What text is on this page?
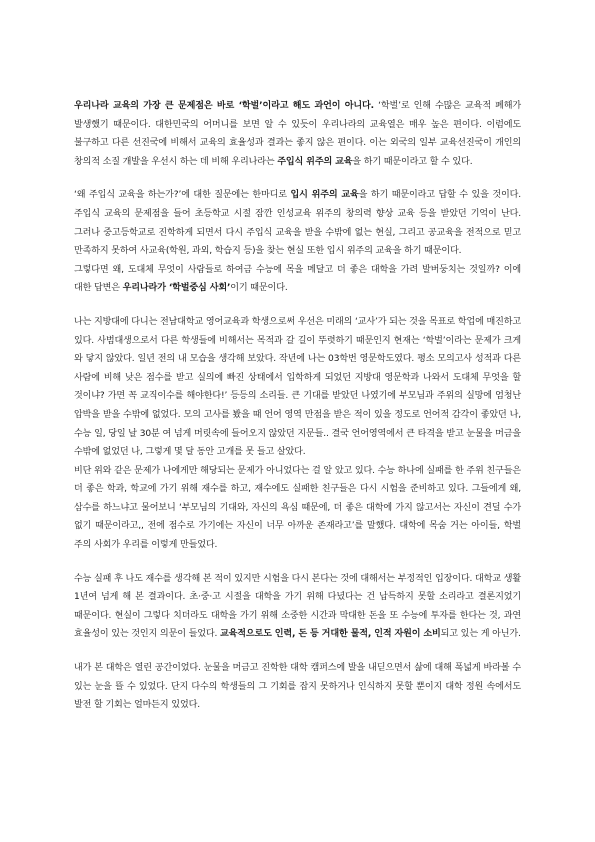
우리나라 교육의 가장 큰 문제점은 바로 ‘학벌’이라고 해도 과언이 아니다. ‘학벌’로 인해 수많은 교육적 폐해가 발생했기 때문이다. 대한민국의 어머니를 보면 알 수 있듯이 우리나라의 교육열은 매우 높은 편이다. 이럼에도 불구하고 다른 선진국에 비해서 교육의 효율성과 결과는 좋지 않은 편이다. 이는 외국의 일부 교육선진국이 개인의 창의적 소질 개발을 우선시 하는 데 비해 우리나라는 주입식 위주의 교육을 하기 때문이라고 할 수 있다.

‘왜 주입식 교육을 하는가?’에 대한 질문에는 한마디로 입시 위주의 교육을 하기 때문이라고 답할 수 있을 것이다. 주입식 교육의 문제점을 들어 초등학교 시절 잠깐 인성교육 위주의 창의력 향상 교육 등을 받았던 기억이 난다. 그러나 중고등학교로 진학하게 되면서 다시 주입식 교육을 받을 수밖에 없는 현실, 그리고 공교육을 전적으로 믿고 만족하지 못하여 사교육(학원, 과외, 학습지 등)을 찾는 현실 또한 입시 위주의 교육을 하기 때문이다.

그렇다면 왜, 도대체 무엇이 사람들로 하여금 수능에 목을 메달고 더 좋은 대학을 가려 발버둥치는 것일까? 이에 대한 답변은 우리나라가 ‘학벌중심 사회’이기 때문이다.

나는 지방대에 다니는 전남대학교 영어교육과 학생으로써 우선은 미래의 ‘교사’가 되는 것을 목표로 학업에 매진하고 있다. 사범대생으로서 다른 학생들에 비해서는 목적과 갈 길이 뚜렷하기 때문인지 현재는 ‘학벌’이라는 문제가 크게 와 닿지 않았다. 일년 전의 내 모습을 생각해 보았다. 작년에 나는 03학번 영문학도였다. 평소 모의고사 성적과 다른 사람에 비해 낮은 점수를 받고 실의에 빠진 상태에서 입학하게 되었던 지방대 영문학과 나와서 도대체 무엇을 할 것이냐? 가면 꼭 교직이수를 해야한다!’ 등등의 소리들. 큰 기대를 받았던 나였기에 부모님과 주위의 실망에 엄청난 압박을 받을 수밖에 없었다. 모의 고사를 봤을 때 언어 영역 만점을 받은 적이 있을 정도로 언어적 감각이 좋았던 나, 수능 일, 당일 날 30분 여 넘게 머릿속에 들어오지 않았던 지문들.. 결국 언어영역에서 큰 타격을 받고 눈물을 머금을 수밖에 없었던 나, 그렇게 몇 달 동안 고개를 못 들고 살았다.

비단 위와 같은 문제가 나에게만 해당되는 문제가 아니었다는 걸 알 았고 있다. 수능 하나에 실패를 한 주위 친구들은 더 좋은 학과, 학교에 가기 위해 재수를 하고, 재수에도 실패한 친구들은 다시 시험을 준비하고 있다. 그들에게 왜, 삼수를 하느냐고 물어보니 ‘부모님의 기대와, 자신의 욕심 때문에, 더 좋은 대학에 가지 않고서는 자신이 견딜 수가 없기 때문이라고,, 전에 점수로 가기에는 자신이 너무 아까운 존재라고’를 말했다. 대학에 목숨 거는 아이들, 학벌 주의 사회가 우리를 이렇게 만들었다.

수능 실패 후 나도 재수를 생각해 본 적이 있지만 시험을 다시 본다는 것에 대해서는 부정적인 입장이다. 대학교 생활 1년여 넘게 해 본 결과이다. 초·중·고 시절을 대학을 가기 위해 다녔다는 건 납득하지 못할 소리라고 결론지었기 때문이다. 현실이 그렇다 치더라도 대학을 가기 위해 소중한 시간과 막대한 돈을 또 수능에 투자를 한다는 것, 과연 효율성이 있는 것인지 의문이 들었다. 교육적으로도 인력, 돈 등 거대한 물적, 인적 자원이 소비되고 있는 게 아닌가.

내가 본 대학은 열린 공간이었다. 눈물을 머금고 진학한 대학 캠퍼스에 발을 내딛으면서 삶에 대해 폭넓게 바라볼 수 있는 눈을 뜰 수 있었다. 단지 다수의 학생들의 그 기회를 잡지 못하거나 인식하지 못할 뿐이지 대학 정원 속에서도 발전 할 기회는 얼마든지 있었다.
